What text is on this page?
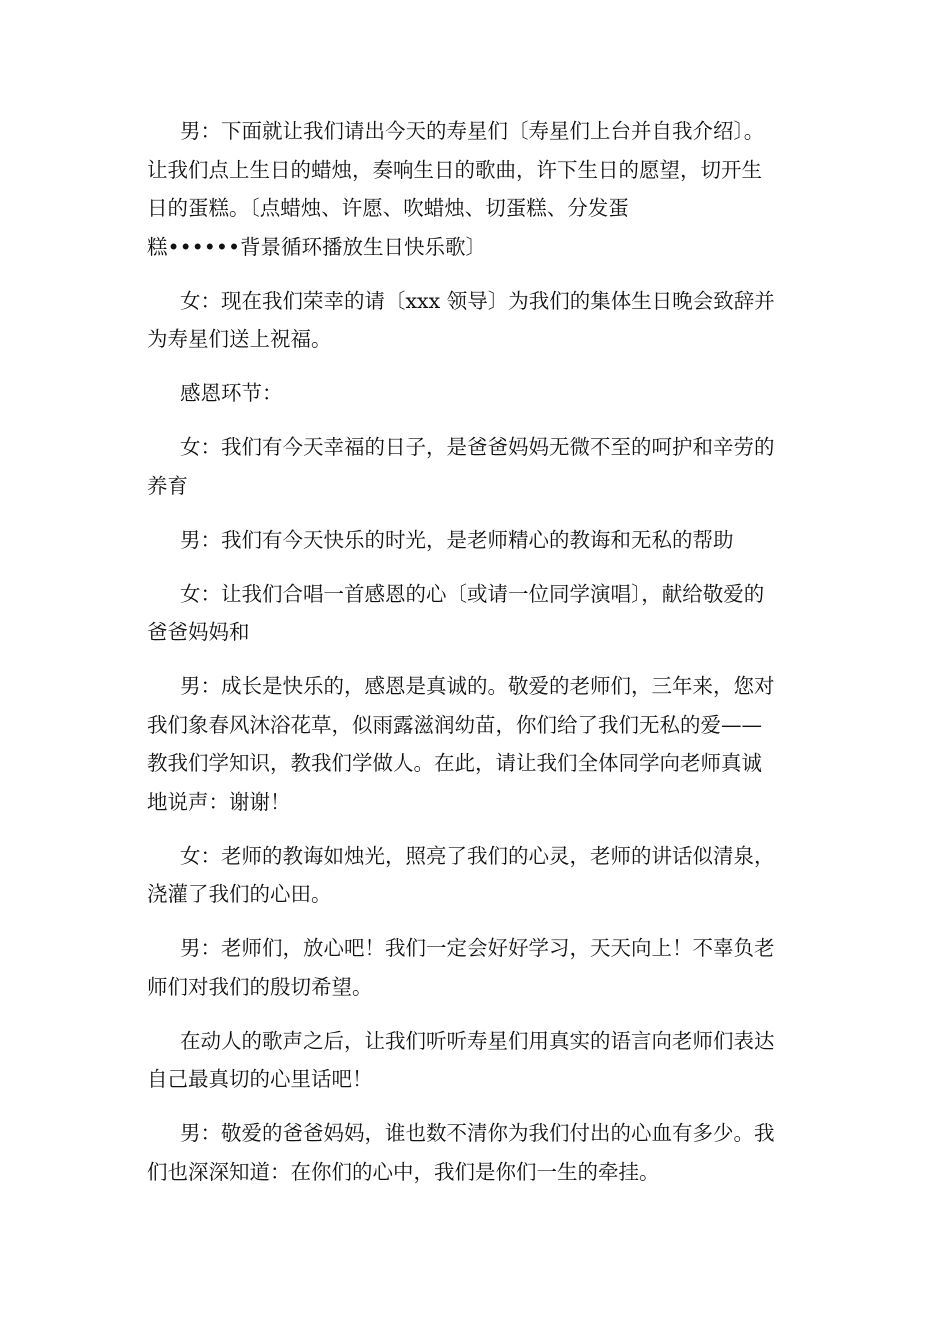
男：下面就让我们请出今天的寿星们〔寿星们上台并自我介绍〕。
让我们点上生日的蜡烛，奏响生日的歌曲，许下生日的愿望，切开生
日的蛋糕。〔点蜡烛、许愿、吹蜡烛、切蛋糕、分发蛋
糕••••••背景循环播放生日快乐歌〕

女：现在我们荣幸的请〔xxx 领导〕为我们的集体生日晚会致辞并
为寿星们送上祝福。

感恩环节：

女：我们有今天幸福的日子，是爸爸妈妈无微不至的呵护和辛劳的
养育

男：我们有今天快乐的时光，是老师精心的教诲和无私的帮助

女：让我们合唱一首感恩的心〔或请一位同学演唱〕，献给敬爱的
爸爸妈妈和

男：成长是快乐的，感恩是真诚的。敬爱的老师们，三年来，您对
我们象春风沐浴花草，似雨露滋润幼苗，你们给了我们无私的爱——
教我们学知识，教我们学做人。在此，请让我们全体同学向老师真诚
地说声：谢谢！

女：老师的教诲如烛光，照亮了我们的心灵，老师的讲话似清泉，
浇灌了我们的心田。

男：老师们，放心吧！我们一定会好好学习，天天向上！不辜负老
师们对我们的殷切希望。

在动人的歌声之后，让我们听听寿星们用真实的语言向老师们表达
自己最真切的心里话吧！

男：敬爱的爸爸妈妈，谁也数不清你为我们付出的心血有多少。我
们也深深知道：在你们的心中，我们是你们一生的牵挂。
